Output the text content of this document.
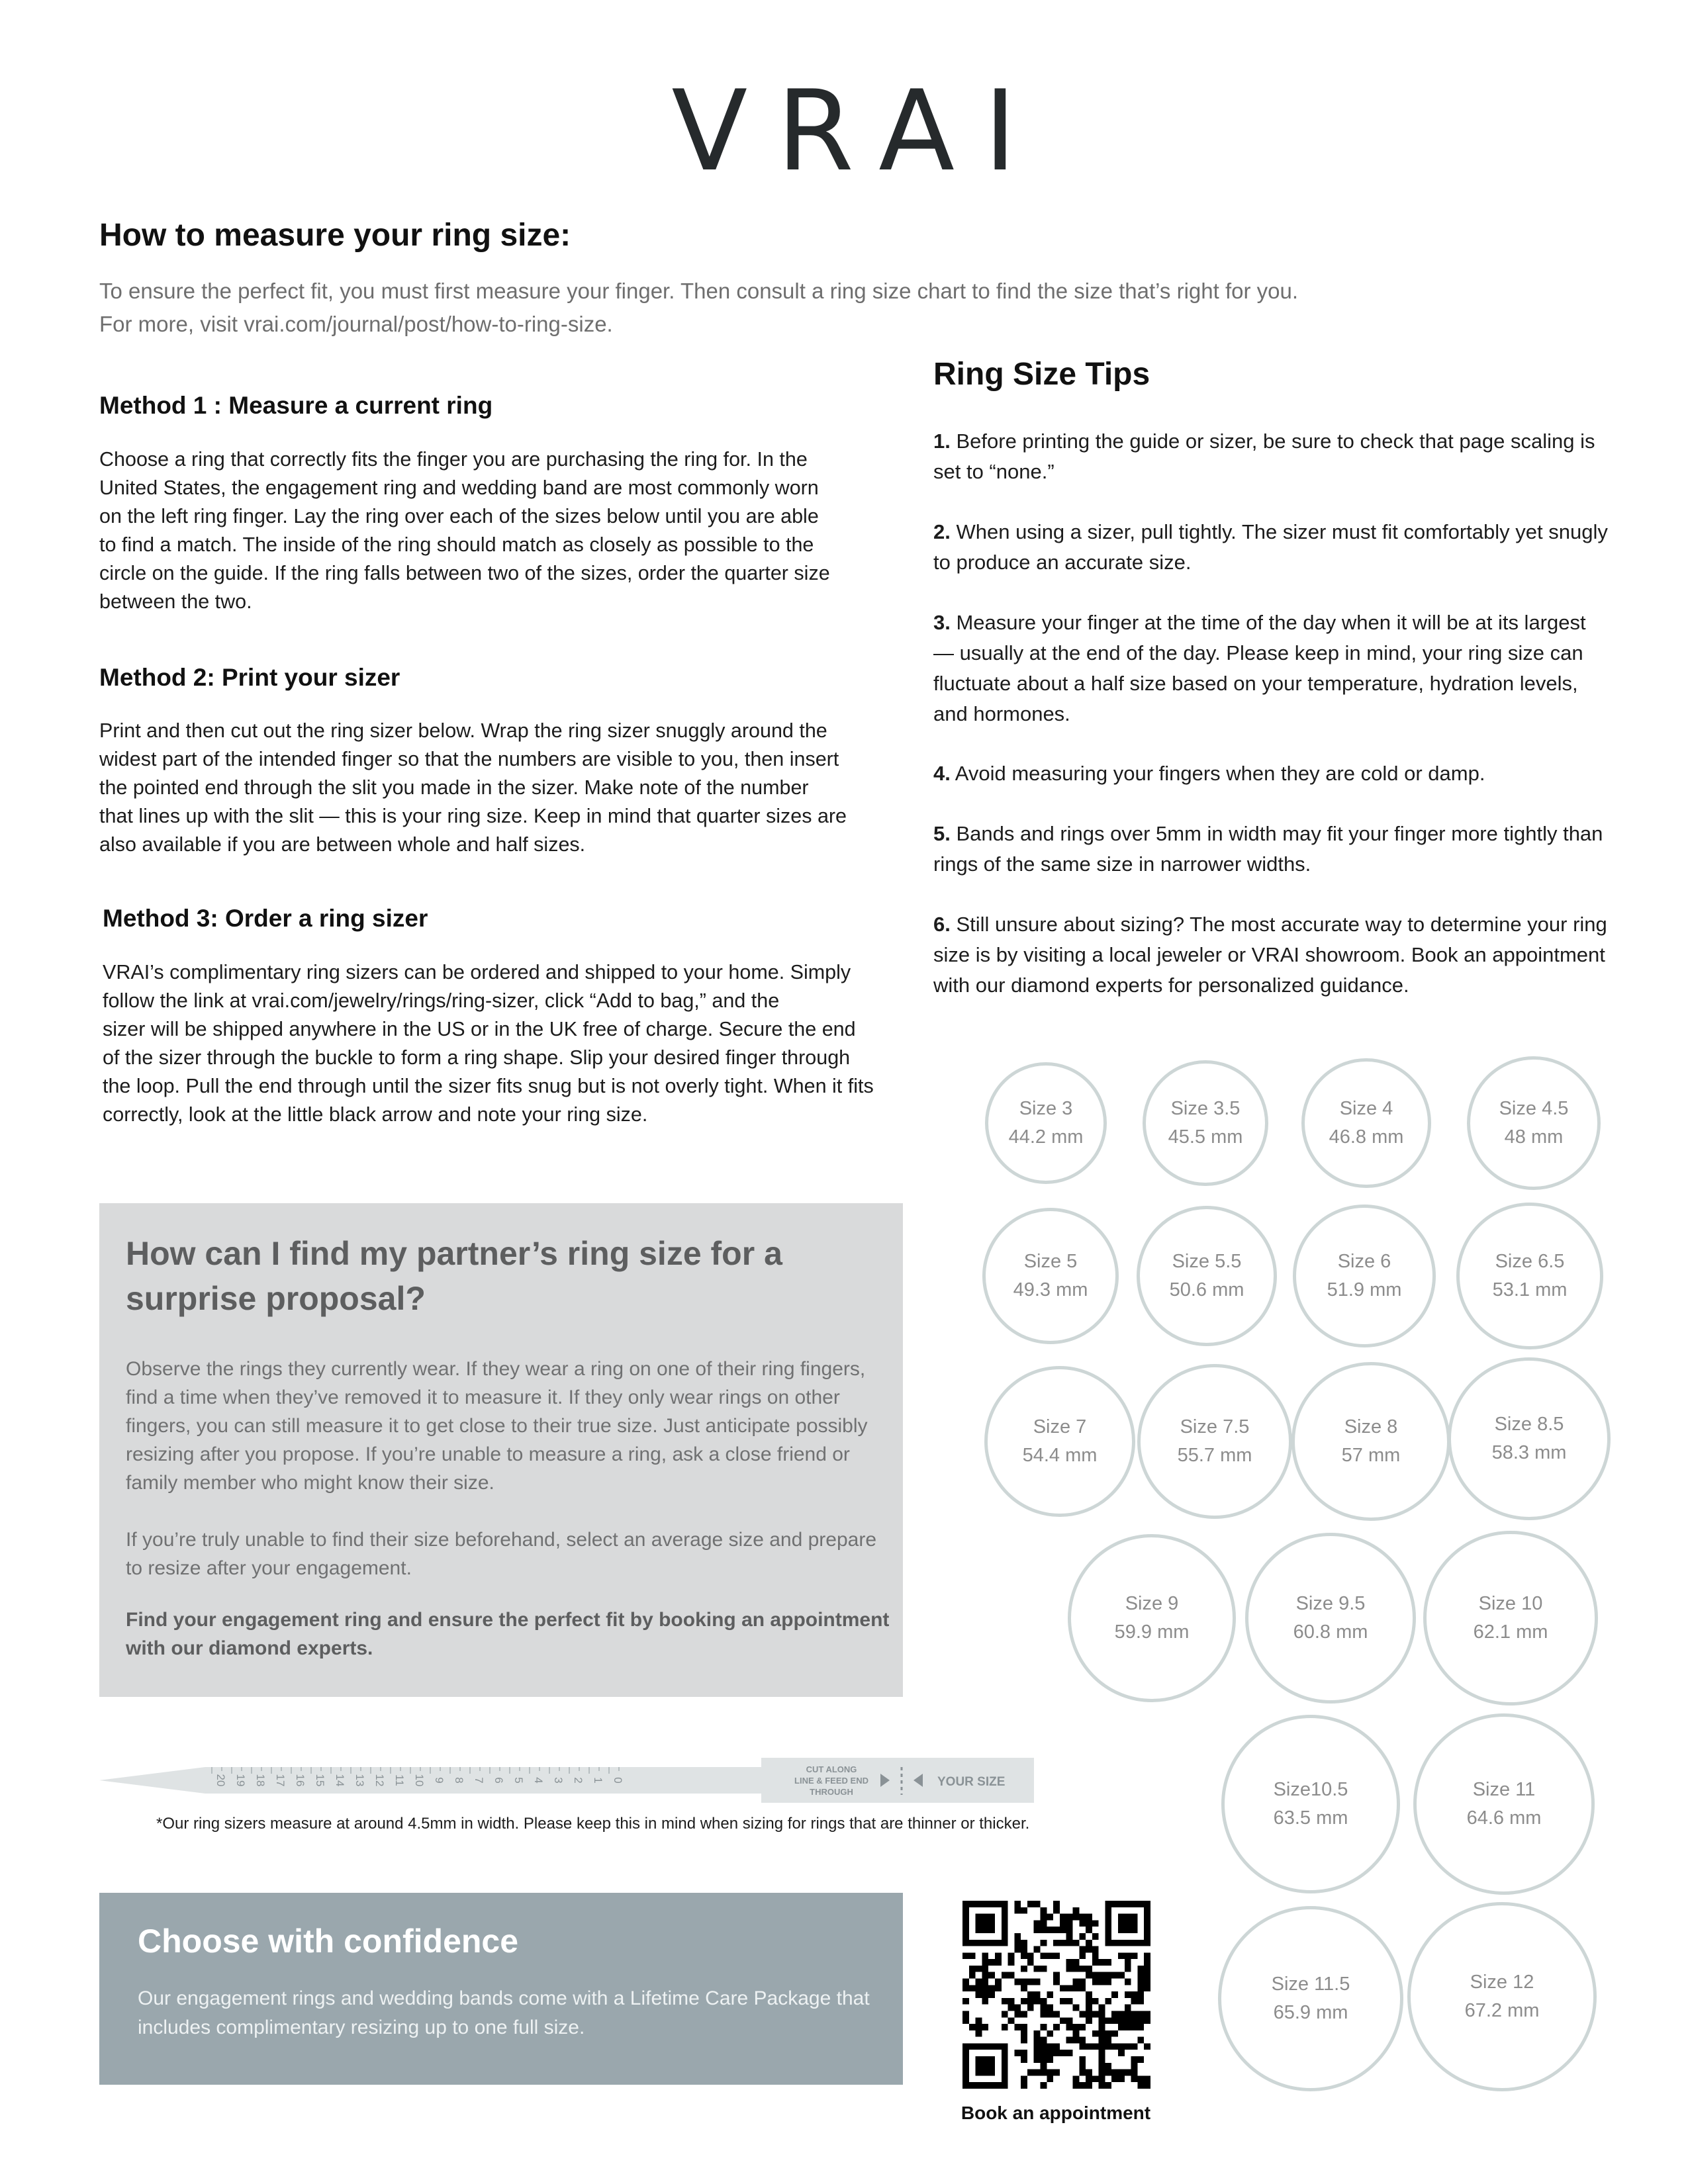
VRAI
How to measure your ring size:
To ensure the perfect fit, you must first measure your finger. Then consult a ring size chart to find the size that’s right for you.
For more, visit vrai.com/journal/post/how-to-ring-size.
Method 1 : Measure a current ring
Choose a ring that correctly fits the finger you are purchasing the ring for. In the
United States, the engagement ring and wedding band are most commonly worn
on the left ring finger. Lay the ring over each of the sizes below until you are able
to find a match. The inside of the ring should match as closely as possible to the
circle on the guide. If the ring falls between two of the sizes, order the quarter size
between the two.
Method 2: Print your sizer
Print and then cut out the ring sizer below. Wrap the ring sizer snuggly around the
widest part of the intended finger so that the numbers are visible to you, then insert
the pointed end through the slit you made in the sizer. Make note of the number
that lines up with the slit — this is your ring size. Keep in mind that quarter sizes are
also available if you are between whole and half sizes.
Method 3: Order a ring sizer
VRAI’s complimentary ring sizers can be ordered and shipped to your home. Simply
follow the link at vrai.com/jewelry/rings/ring-sizer, click “Add to bag,” and the
sizer will be shipped anywhere in the US or in the UK free of charge. Secure the end
of the sizer through the buckle to form a ring shape. Slip your desired finger through
the loop. Pull the end through until the sizer fits snug but is not overly tight. When it fits
correctly, look at the little black arrow and note your ring size.
Ring Size Tips
1. Before printing the guide or sizer, be sure to check that page scaling is set to “none.”
2. When using a sizer, pull tightly. The sizer must fit comfortably yet snugly to produce an accurate size.
3. Measure your finger at the time of the day when it will be at its largest — usually at the end of the day. Please keep in mind, your ring size can fluctuate about a half size based on your temperature, hydration levels, and hormones.
4. Avoid measuring your fingers when they are cold or damp.
5. Bands and rings over 5mm in width may fit your finger more tightly than rings of the same size in narrower widths.
6. Still unsure about sizing? The most accurate way to determine your ring size is by visiting a local jeweler or VRAI showroom. Book an appointment with our diamond experts for personalized guidance.
Size 3
44.2 mm
Size 3.5
45.5 mm
Size 4
46.8 mm
Size 4.5
48 mm
Size 5
49.3 mm
Size 5.5
50.6 mm
Size 6
51.9 mm
Size 6.5
53.1 mm
Size 7
54.4 mm
Size 7.5
55.7 mm
Size 8
57 mm
Size 8.5
58.3 mm
Size 9
59.9 mm
Size 9.5
60.8 mm
Size 10
62.1 mm
Size10.5
63.5 mm
Size 11
64.6 mm
Size 11.5
65.9 mm
Size 12
67.2 mm
How can I find my partner’s ring size for a surprise proposal?
Observe the rings they currently wear. If they wear a ring on one of their ring fingers,
find a time when they’ve removed it to measure it. If they only wear rings on other
fingers, you can still measure it to get close to their true size. Just anticipate possibly
resizing after you propose. If you’re unable to measure a ring, ask a close friend or
family member who might know their size.
If you’re truly unable to find their size beforehand, select an average size and prepare
to resize after your engagement.
Find your engagement ring and ensure the perfect fit by booking an appointment
with our diamond experts.
20 19 18 17 16 15 14 13 12 11 10 9 8 7 6 5 4 3 2 1 0
CUT ALONG
LINE & FEED END
THROUGH
YOUR SIZE
*Our ring sizers measure at around 4.5mm in width. Please keep this in mind when sizing for rings that are thinner or thicker.
Choose with confidence
Our engagement rings and wedding bands come with a Lifetime Care Package that
includes complimentary resizing up to one full size.
Book an appointment
